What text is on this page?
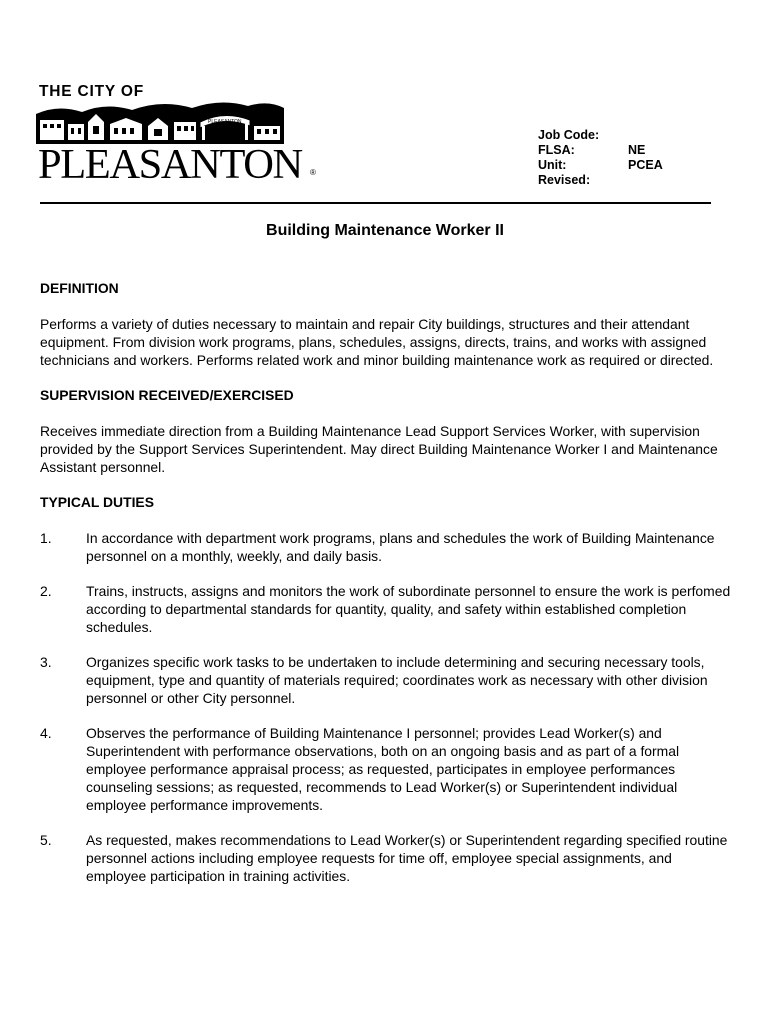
THE CITY OF
PLEASANTON
PLEASANTON ®
Job Code:
FLSA:	NE
Unit:	PCEA
Revised:
Building Maintenance Worker II
DEFINITION
Performs a variety of duties necessary to maintain and repair City buildings, structures and their attendant equipment. From division work programs, plans, schedules, assigns, directs, trains, and works with assigned technicians and workers. Performs related work and minor building maintenance work as required or directed.
SUPERVISION RECEIVED/EXERCISED
Receives immediate direction from a Building Maintenance Lead Support Services Worker, with supervision provided by the Support Services Superintendent. May direct Building Maintenance Worker I and Maintenance Assistant personnel.
TYPICAL DUTIES
1.	In accordance with department work programs, plans and schedules the work of Building Maintenance personnel on a monthly, weekly, and daily basis.
2.	Trains, instructs, assigns and monitors the work of subordinate personnel to ensure the work is perfomed according to departmental standards for quantity, quality, and safety within established completion schedules.
3.	Organizes specific work tasks to be undertaken to include determining and securing necessary tools, equipment, type and quantity of materials required; coordinates work as necessary with other division personnel or other City personnel.
4.	Observes the performance of Building Maintenance I personnel; provides Lead Worker(s) and Superintendent with performance observations, both on an ongoing basis and as part of a formal employee performance appraisal process; as requested, participates in employee performances counseling sessions; as requested, recommends to Lead Worker(s) or Superintendent individual employee performance improvements.
5.	As requested, makes recommendations to Lead Worker(s) or Superintendent regarding specified routine personnel actions including employee requests for time off, employee special assignments, and employee participation in training activities.
